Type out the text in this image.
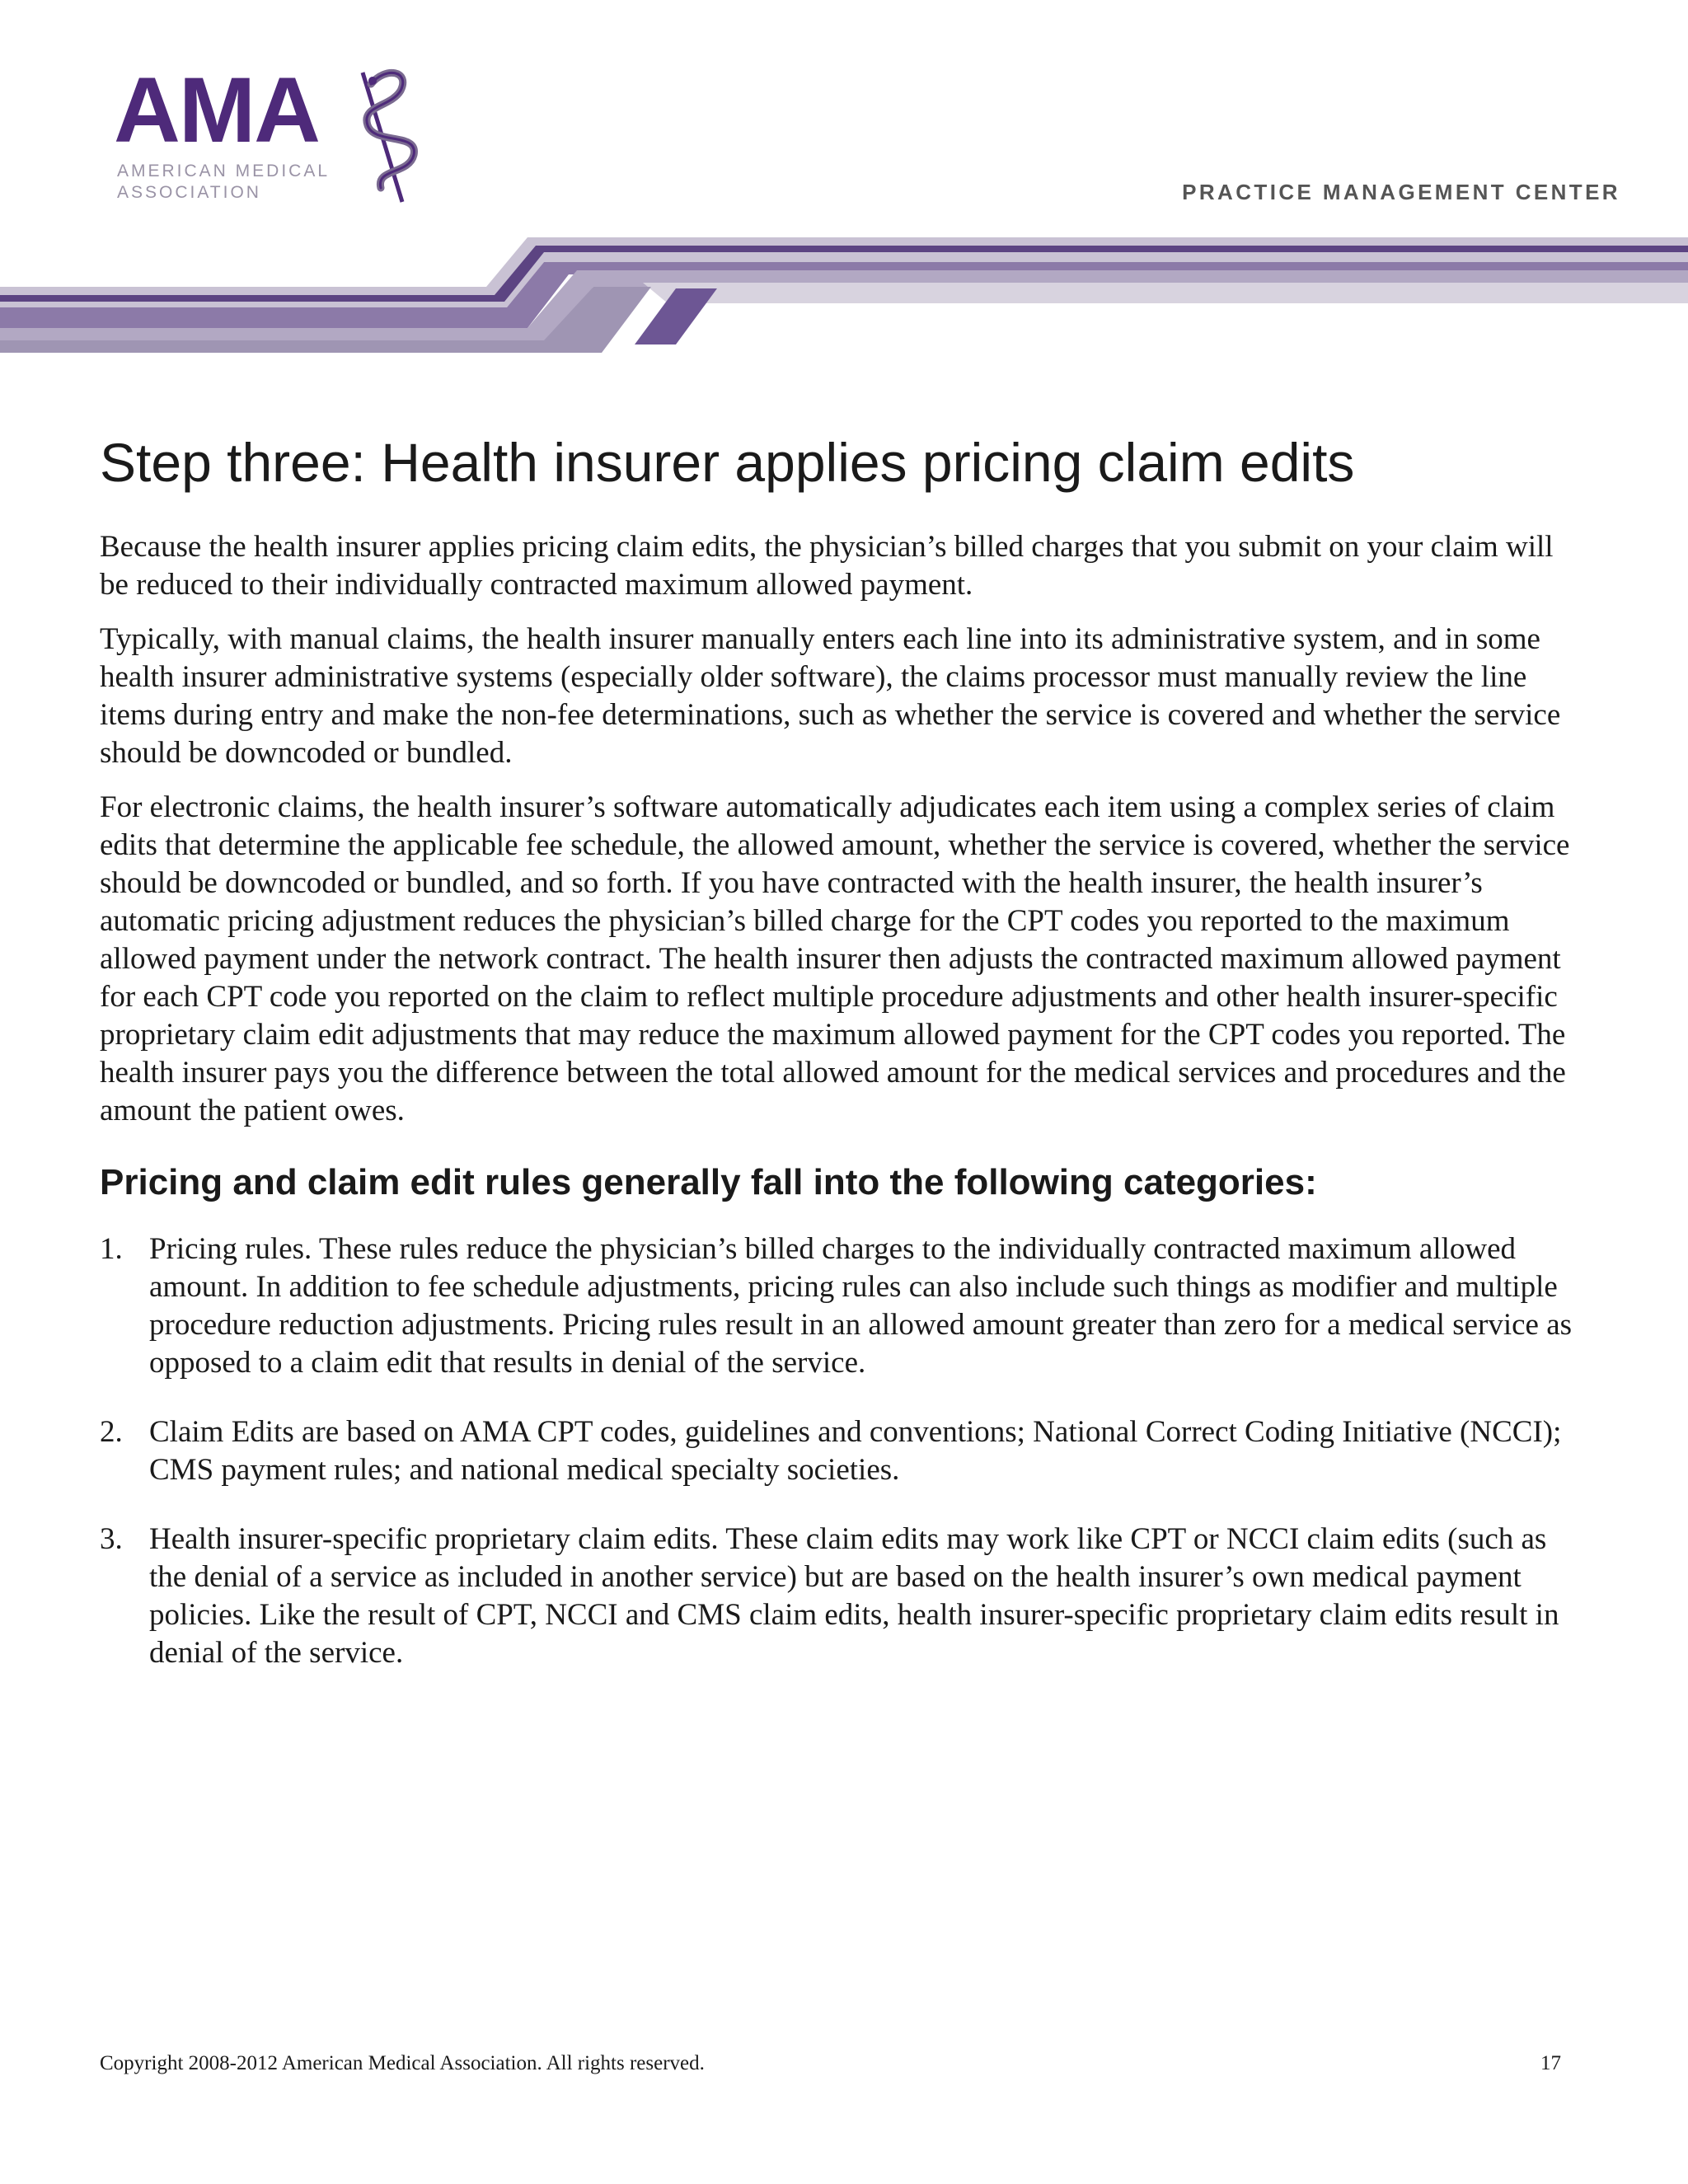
AMA
AMERICAN MEDICAL
ASSOCIATION	PRACTICE MANAGEMENT CENTER
Step three: Health insurer applies pricing claim edits

Because the health insurer applies pricing claim edits, the physician’s billed charges that you submit on your claim will be reduced to their individually contracted maximum allowed payment.

Typically, with manual claims, the health insurer manually enters each line into its administrative system, and in some health insurer administrative systems (especially older software), the claims processor must manually review the line items during entry and make the non-fee determinations, such as whether the service is covered and whether the service should be downcoded or bundled.

For electronic claims, the health insurer’s software automatically adjudicates each item using a complex series of claim edits that determine the applicable fee schedule, the allowed amount, whether the service is covered, whether the service should be downcoded or bundled, and so forth. If you have contracted with the health insurer, the health insurer’s automatic pricing adjustment reduces the physician’s billed charge for the CPT codes you reported to the maximum allowed payment under the network contract. The health insurer then adjusts the contracted maximum allowed payment for each CPT code you reported on the claim to reflect multiple procedure adjustments and other health insurer-specific proprietary claim edit adjustments that may reduce the maximum allowed payment for the CPT codes you reported. The health insurer pays you the difference between the total allowed amount for the medical services and procedures and the amount the patient owes.

Pricing and claim edit rules generally fall into the following categories:
1. Pricing rules. These rules reduce the physician’s billed charges to the individually contracted maximum allowed amount. In addition to fee schedule adjustments, pricing rules can also include such things as modifier and multiple procedure reduction adjustments. Pricing rules result in an allowed amount greater than zero for a medical service as opposed to a claim edit that results in denial of the service.
2. Claim Edits are based on AMA CPT codes, guidelines and conventions; National Correct Coding Initiative (NCCI); CMS payment rules; and national medical specialty societies.
3. Health insurer-specific proprietary claim edits. These claim edits may work like CPT or NCCI claim edits (such as the denial of a service as included in another service) but are based on the health insurer’s own medical payment policies. Like the result of CPT, NCCI and CMS claim edits, health insurer-specific proprietary claim edits result in denial of the service.
Copyright 2008-2012 American Medical Association. All rights reserved.	17
